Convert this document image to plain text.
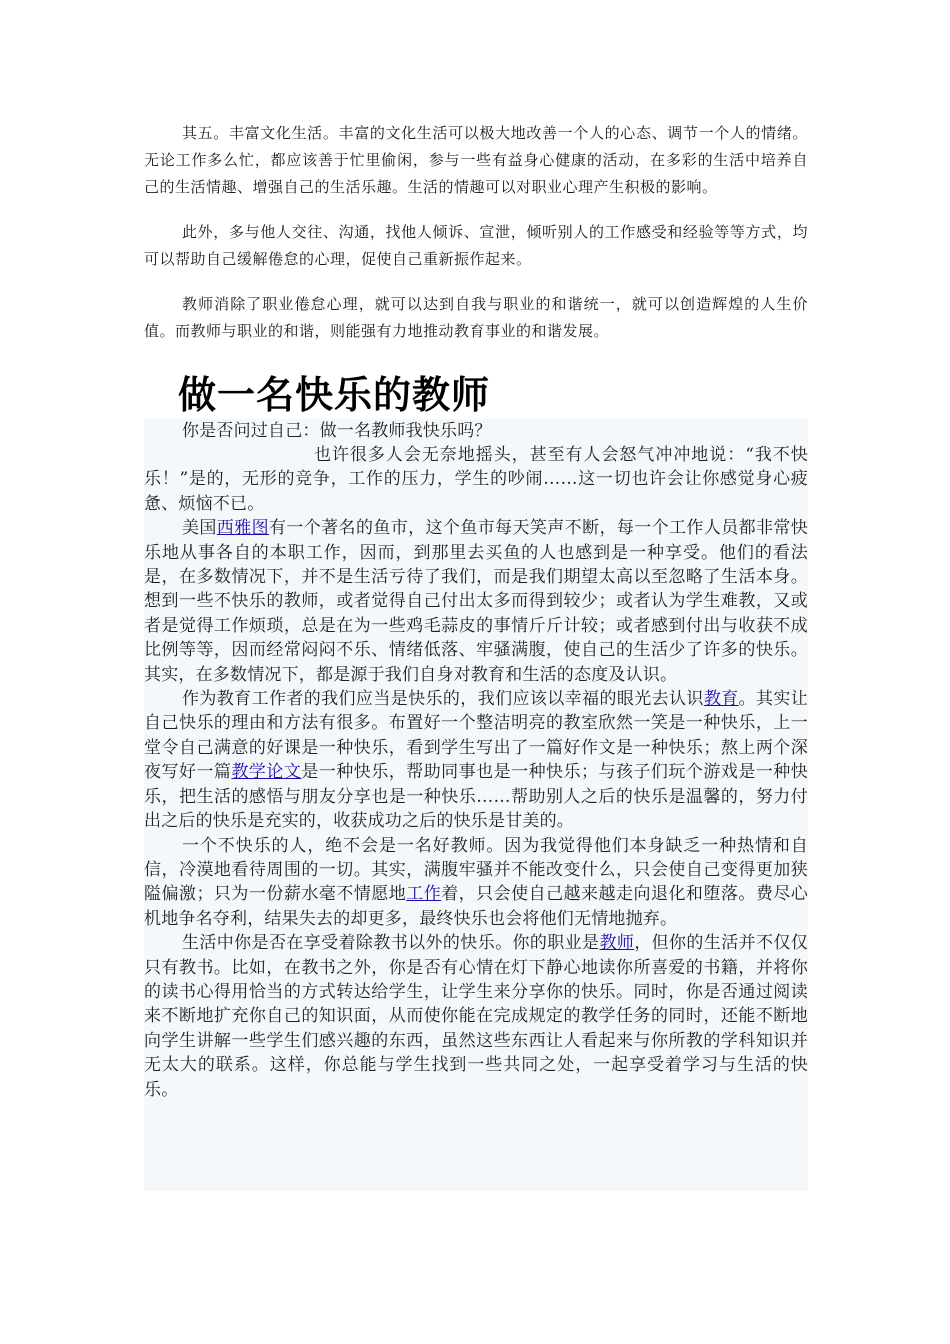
其五。丰富文化生活。丰富的文化生活可以极大地改善一个人的心态、调节一个人的情绪。无论工作多么忙，都应该善于忙里偷闲，参与一些有益身心健康的活动，在多彩的生活中培养自己的生活情趣、增强自己的生活乐趣。生活的情趣可以对职业心理产生积极的影响。

此外，多与他人交往、沟通，找他人倾诉、宣泄，倾听别人的工作感受和经验等等方式，均可以帮助自己缓解倦怠的心理，促使自己重新振作起来。

教师消除了职业倦怠心理，就可以达到自我与职业的和谐统一，就可以创造辉煌的人生价值。而教师与职业的和谐，则能强有力地推动教育事业的和谐发展。

做一名快乐的教师

你是否问过自己：做一名教师我快乐吗？

也许很多人会无奈地摇头，甚至有人会怒气冲冲地说：“我不快乐！”是的，无形的竞争，工作的压力，学生的吵闹……这一切也许会让你感觉身心疲惫、烦恼不已。

美国西雅图有一个著名的鱼市，这个鱼市每天笑声不断，每一个工作人员都非常快乐地从事各自的本职工作，因而，到那里去买鱼的人也感到是一种享受。他们的看法是，在多数情况下，并不是生活亏待了我们，而是我们期望太高以至忽略了生活本身。想到一些不快乐的教师，或者觉得自己付出太多而得到较少；或者认为学生难教，又或者是觉得工作烦琐，总是在为一些鸡毛蒜皮的事情斤斤计较；或者感到付出与收获不成比例等等，因而经常闷闷不乐、情绪低落、牢骚满腹，使自己的生活少了许多的快乐。其实，在多数情况下，都是源于我们自身对教育和生活的态度及认识。

作为教育工作者的我们应当是快乐的，我们应该以幸福的眼光去认识教育。其实让自己快乐的理由和方法有很多。布置好一个整洁明亮的教室欣然一笑是一种快乐，上一堂令自己满意的好课是一种快乐，看到学生写出了一篇好作文是一种快乐；熬上两个深夜写好一篇教学论文是一种快乐，帮助同事也是一种快乐；与孩子们玩个游戏是一种快乐，把生活的感悟与朋友分享也是一种快乐……帮助别人之后的快乐是温馨的，努力付出之后的快乐是充实的，收获成功之后的快乐是甘美的。

一个不快乐的人，绝不会是一名好教师。因为我觉得他们本身缺乏一种热情和自信，冷漠地看待周围的一切。其实，满腹牢骚并不能改变什么，只会使自己变得更加狭隘偏激；只为一份薪水毫不情愿地工作着，只会使自己越来越走向退化和堕落。费尽心机地争名夺利，结果失去的却更多，最终快乐也会将他们无情地抛弃。

生活中你是否在享受着除教书以外的快乐。你的职业是教师，但你的生活并不仅仅只有教书。比如，在教书之外，你是否有心情在灯下静心地读你所喜爱的书籍，并将你的读书心得用恰当的方式转达给学生，让学生来分享你的快乐。同时，你是否通过阅读来不断地扩充你自己的知识面，从而使你能在完成规定的教学任务的同时，还能不断地向学生讲解一些学生们感兴趣的东西，虽然这些东西让人看起来与你所教的学科知识并无太大的联系。这样，你总能与学生找到一些共同之处，一起享受着学习与生活的快乐。
